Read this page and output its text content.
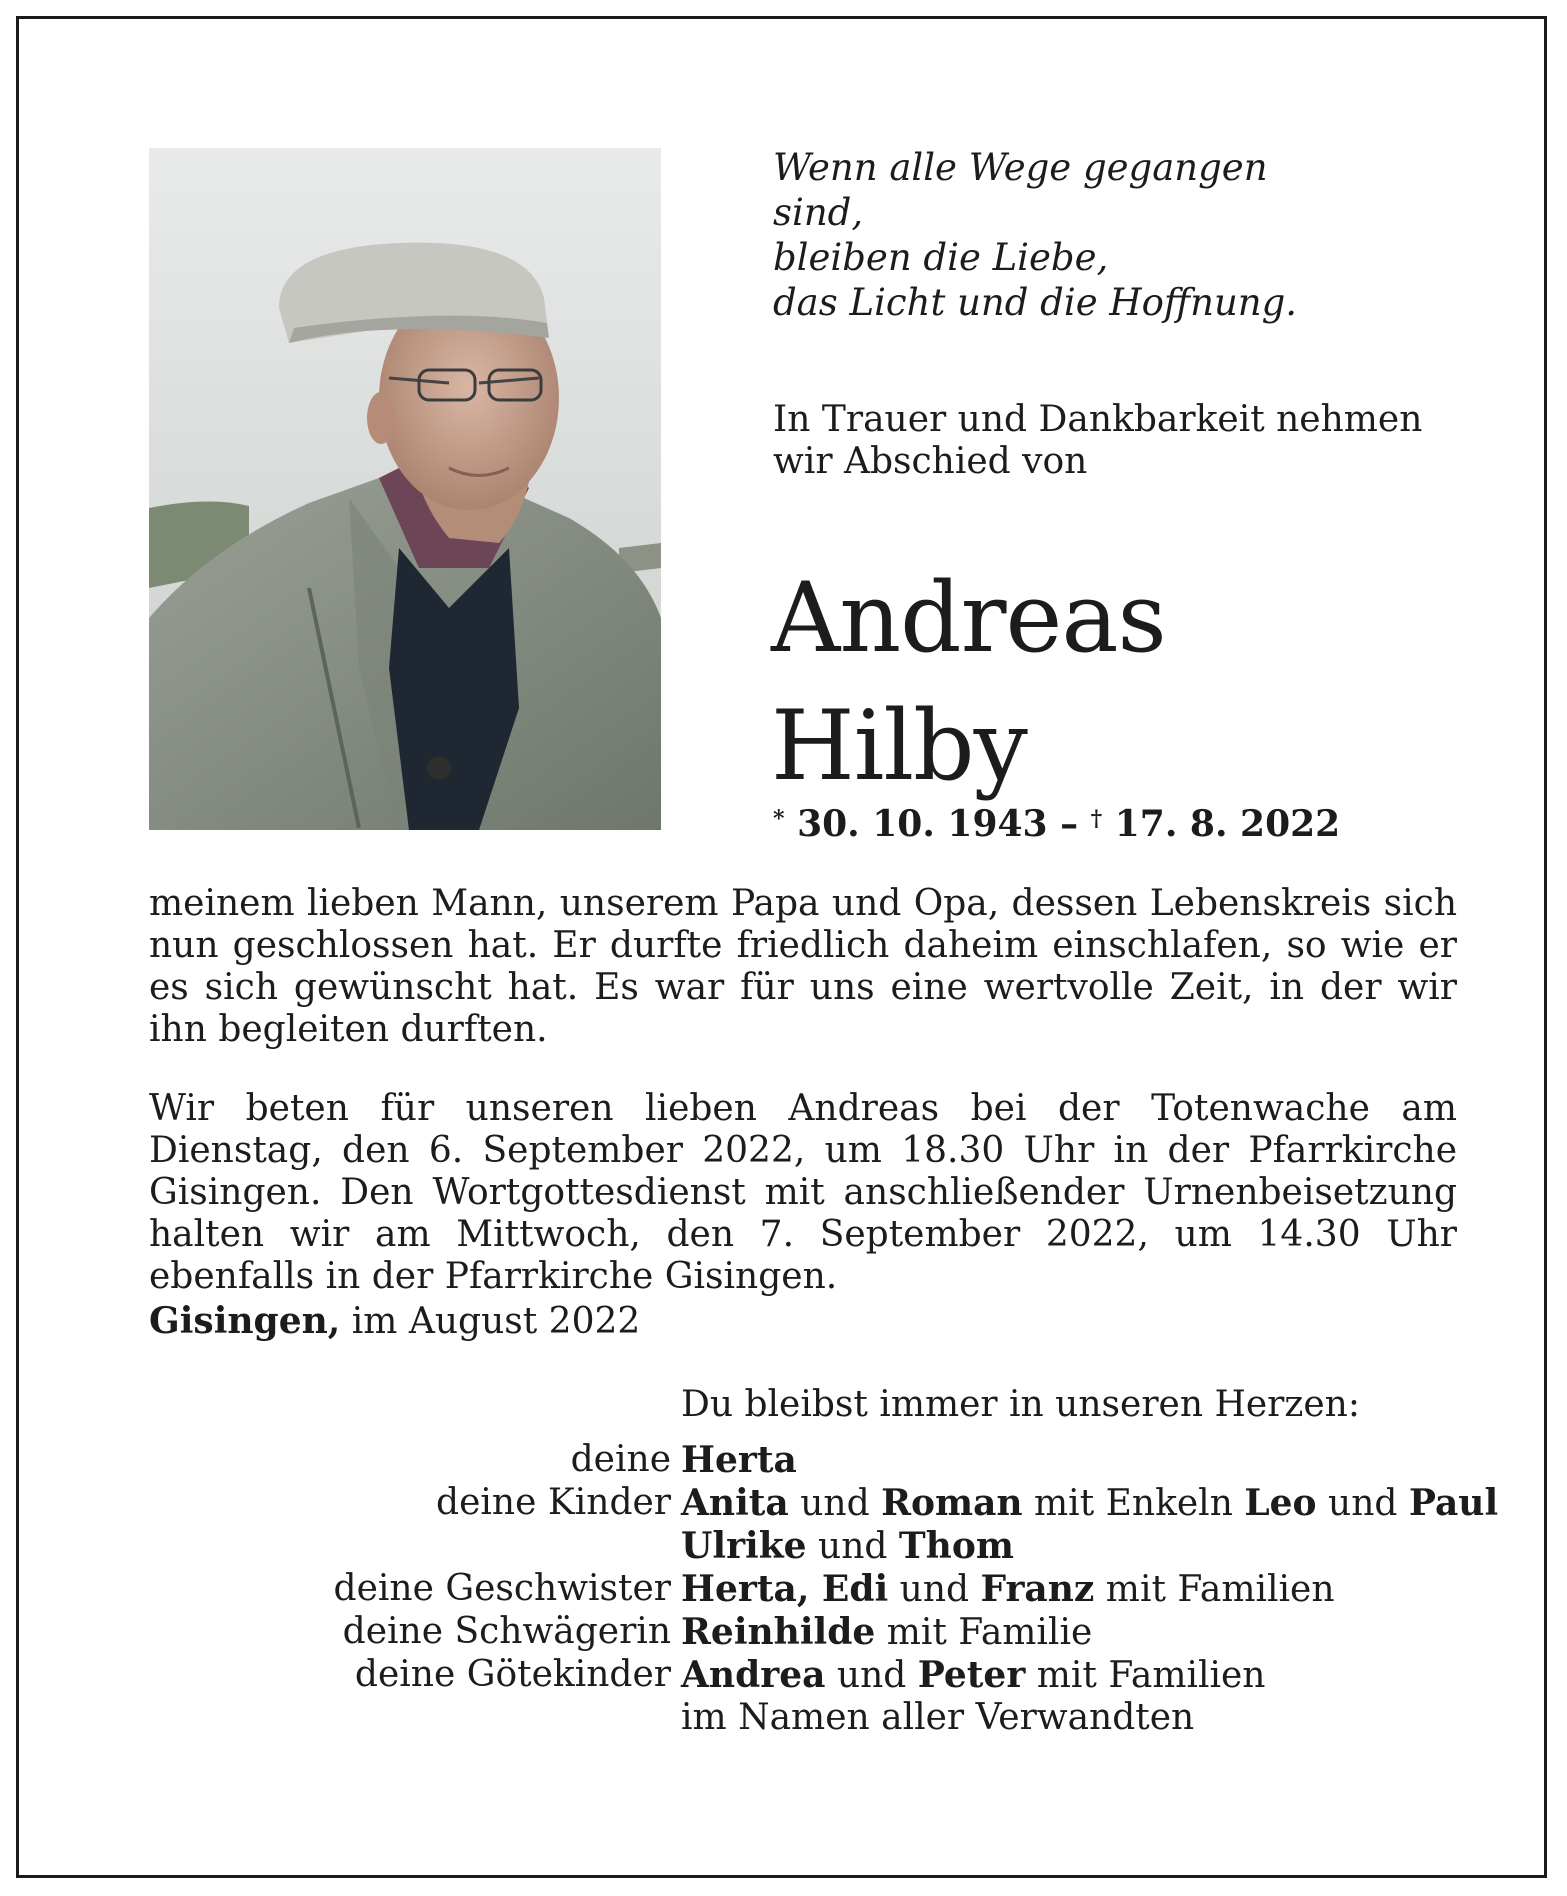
Wenn alle Wege gegangen sind,
bleiben die Liebe,
das Licht und die Hoffnung.
In Trauer und Dankbarkeit nehmen wir Abschied von
Andreas
Hilby
* 30. 10. 1943 – † 17. 8. 2022

meinem lieben Mann, unserem Papa und Opa, dessen Lebenskreis sich nun geschlossen hat. Er durfte friedlich daheim einschlafen, so wie er es sich gewünscht hat. Es war für uns eine wertvolle Zeit, in der wir ihn begleiten durften.

Wir beten für unseren lieben Andreas bei der Totenwache am Dienstag, den 6. September 2022, um 18.30 Uhr in der Pfarrkirche Gisingen. Den Wortgottesdienst mit anschließender Urnenbeisetzung halten wir am Mittwoch, den 7. September 2022, um 14.30 Uhr ebenfalls in der Pfarrkirche Gisingen.

Gisingen, im August 2022
Du bleibst immer in unseren Herzen:
deine Herta
deine Kinder Anita und Roman mit Enkeln Leo und Paul
Ulrike und Thom
deine Geschwister Herta, Edi und Franz mit Familien
deine Schwägerin Reinhilde mit Familie
deine Götekinder Andrea und Peter mit Familien
im Namen aller Verwandten
